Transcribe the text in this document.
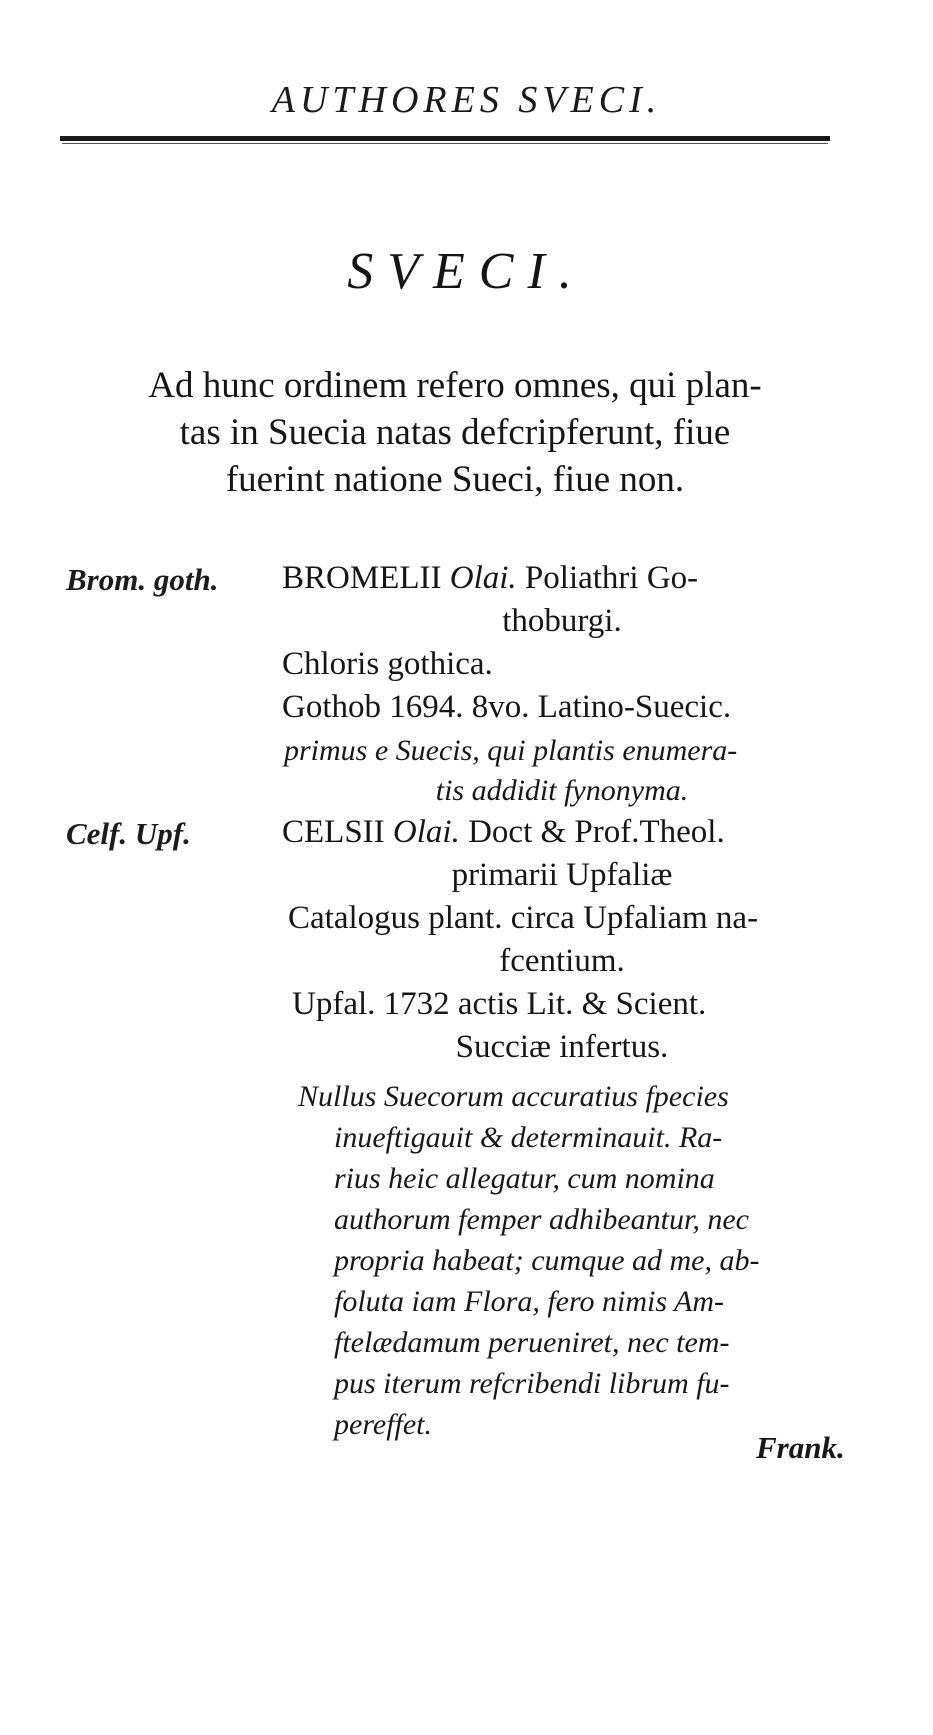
AUTHORES SVECI.
SVECI.
Ad hunc ordinem refero omnes, qui plan-
tas in Suecia natas defcripferunt, fiue
fuerint natione Sueci, fiue non.
Brom. goth. BROMELII Olai. Poliathri Go-
thoburgi.
Chloris gothica.
Gothob 1694. 8vo. Latino-Suecic.
primus e Suecis, qui plantis enumera-
tis addidit fynonyma.
Celf. Upf.	CELSII Olai. Doct & Prof.Theol.
primarii Upfaliæ
Catalogus plant. circa Upfaliam na-
fcentium.
Upfal. 1732 actis Lit. & Scient.
Succiæ infertus.
Nullus Suecorum accuratius fpecies
inueftigauit & determinauit. Ra-
rius heic allegatur, cum nomina
authorum femper adhibeantur, nec
propria habeat; cumque ad me, ab-
foluta iam Flora, fero nimis Am-
ftelædamum perueniret, nec tem-
pus iterum refcribendi librum fu-
pereffet.
Frank.
